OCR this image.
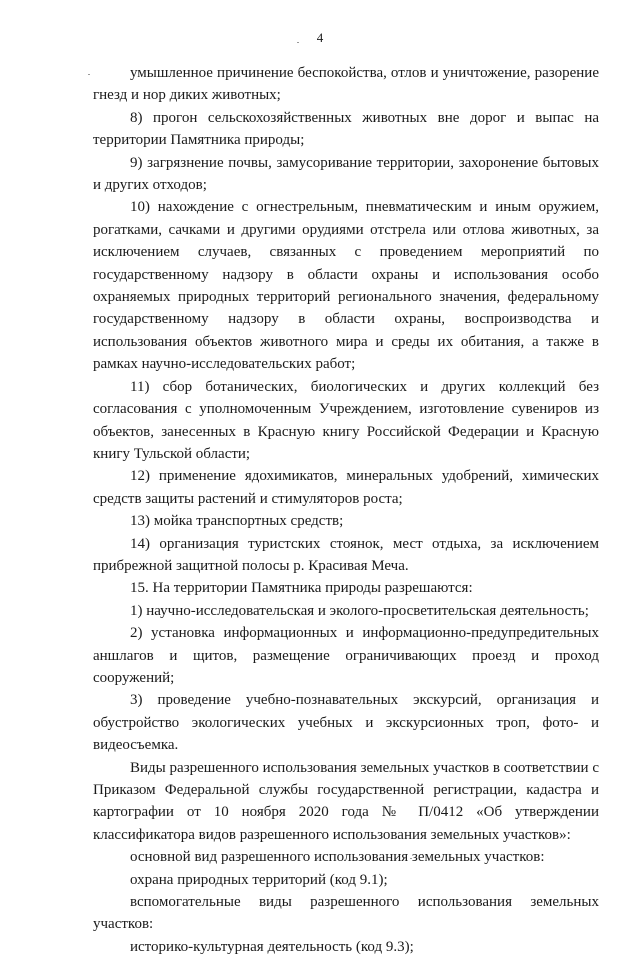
4

умышленное причинение беспокойства, отлов и уничтожение, разорение гнезд и нор диких животных;

8) прогон сельскохозяйственных животных вне дорог и выпас на территории Памятника природы;

9) загрязнение почвы, замусоривание территории, захоронение бытовых и других отходов;

10) нахождение с огнестрельным, пневматическим и иным оружием, рогатками, сачками и другими орудиями отстрела или отлова животных, за исключением случаев, связанных с проведением мероприятий по государственному надзору в области охраны и использования особо охраняемых природных территорий регионального значения, федеральному государственному надзору в области охраны, воспроизводства и использования объектов животного мира и среды их обитания, а также в рамках научно-исследовательских работ;

11) сбор ботанических, биологических и других коллекций без согласования с уполномоченным Учреждением, изготовление сувениров из объектов, занесенных в Красную книгу Российской Федерации и Красную книгу Тульской области;

12) применение ядохимикатов, минеральных удобрений, химических средств защиты растений и стимуляторов роста;

13) мойка транспортных средств;

14) организация туристских стоянок, мест отдыха, за исключением прибрежной защитной полосы р. Красивая Меча.

15. На территории Памятника природы разрешаются:

1) научно-исследовательская и эколого-просветительская деятельность;

2) установка информационных и информационно-предупредительных аншлагов и щитов, размещение ограничивающих проезд и проход сооружений;

3) проведение учебно-познавательных экскурсий, организация и обустройство экологических учебных и экскурсионных троп, фото- и видеосъемка.

Виды разрешенного использования земельных участков в соответствии с Приказом Федеральной службы государственной регистрации, кадастра и картографии от 10 ноября 2020 года № П/0412 «Об утверждении классификатора видов разрешенного использования земельных участков»:

основной вид разрешенного использования земельных участков:

охрана природных территорий (код 9.1);

вспомогательные виды разрешенного использования земельных участков:

историко-культурная деятельность (код 9.3);
